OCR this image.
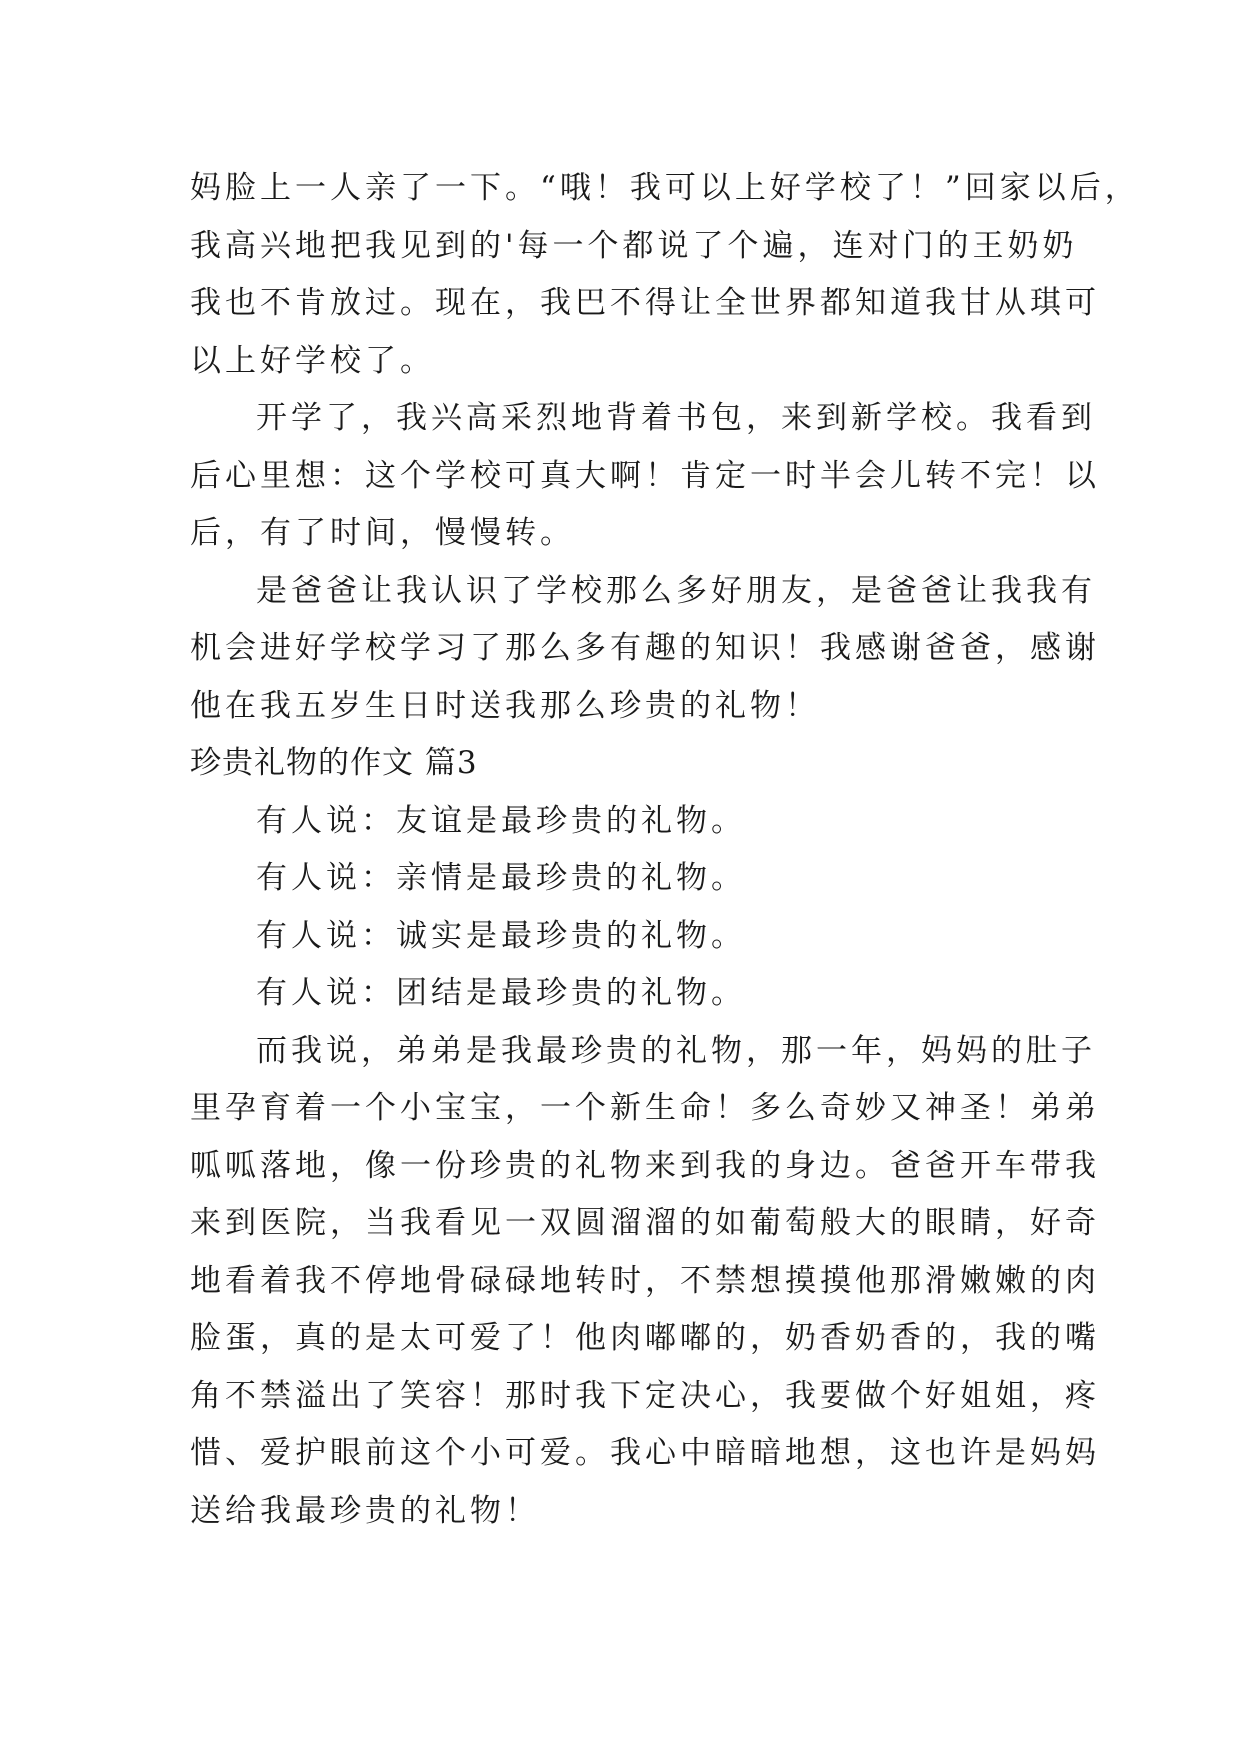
妈脸上一人亲了一下。“哦！我可以上好学校了！”回家以后，
我高兴地把我见到的'每一个都说了个遍，连对门的王奶奶
我也不肯放过。现在，我巴不得让全世界都知道我甘从琪可
以上好学校了。
开学了，我兴高采烈地背着书包，来到新学校。我看到
后心里想：这个学校可真大啊！肯定一时半会儿转不完！以
后，有了时间，慢慢转。
是爸爸让我认识了学校那么多好朋友，是爸爸让我我有
机会进好学校学习了那么多有趣的知识！我感谢爸爸，感谢
他在我五岁生日时送我那么珍贵的礼物！
珍贵礼物的作文 篇3
有人说：友谊是最珍贵的礼物。
有人说：亲情是最珍贵的礼物。
有人说：诚实是最珍贵的礼物。
有人说：团结是最珍贵的礼物。
而我说，弟弟是我最珍贵的礼物，那一年，妈妈的肚子
里孕育着一个小宝宝，一个新生命！多么奇妙又神圣！弟弟
呱呱落地，像一份珍贵的礼物来到我的身边。爸爸开车带我
来到医院，当我看见一双圆溜溜的如葡萄般大的眼睛，好奇
地看着我不停地骨碌碌地转时，不禁想摸摸他那滑嫩嫩的肉
脸蛋，真的是太可爱了！他肉嘟嘟的，奶香奶香的，我的嘴
角不禁溢出了笑容！那时我下定决心，我要做个好姐姐，疼
惜、爱护眼前这个小可爱。我心中暗暗地想，这也许是妈妈
送给我最珍贵的礼物！
